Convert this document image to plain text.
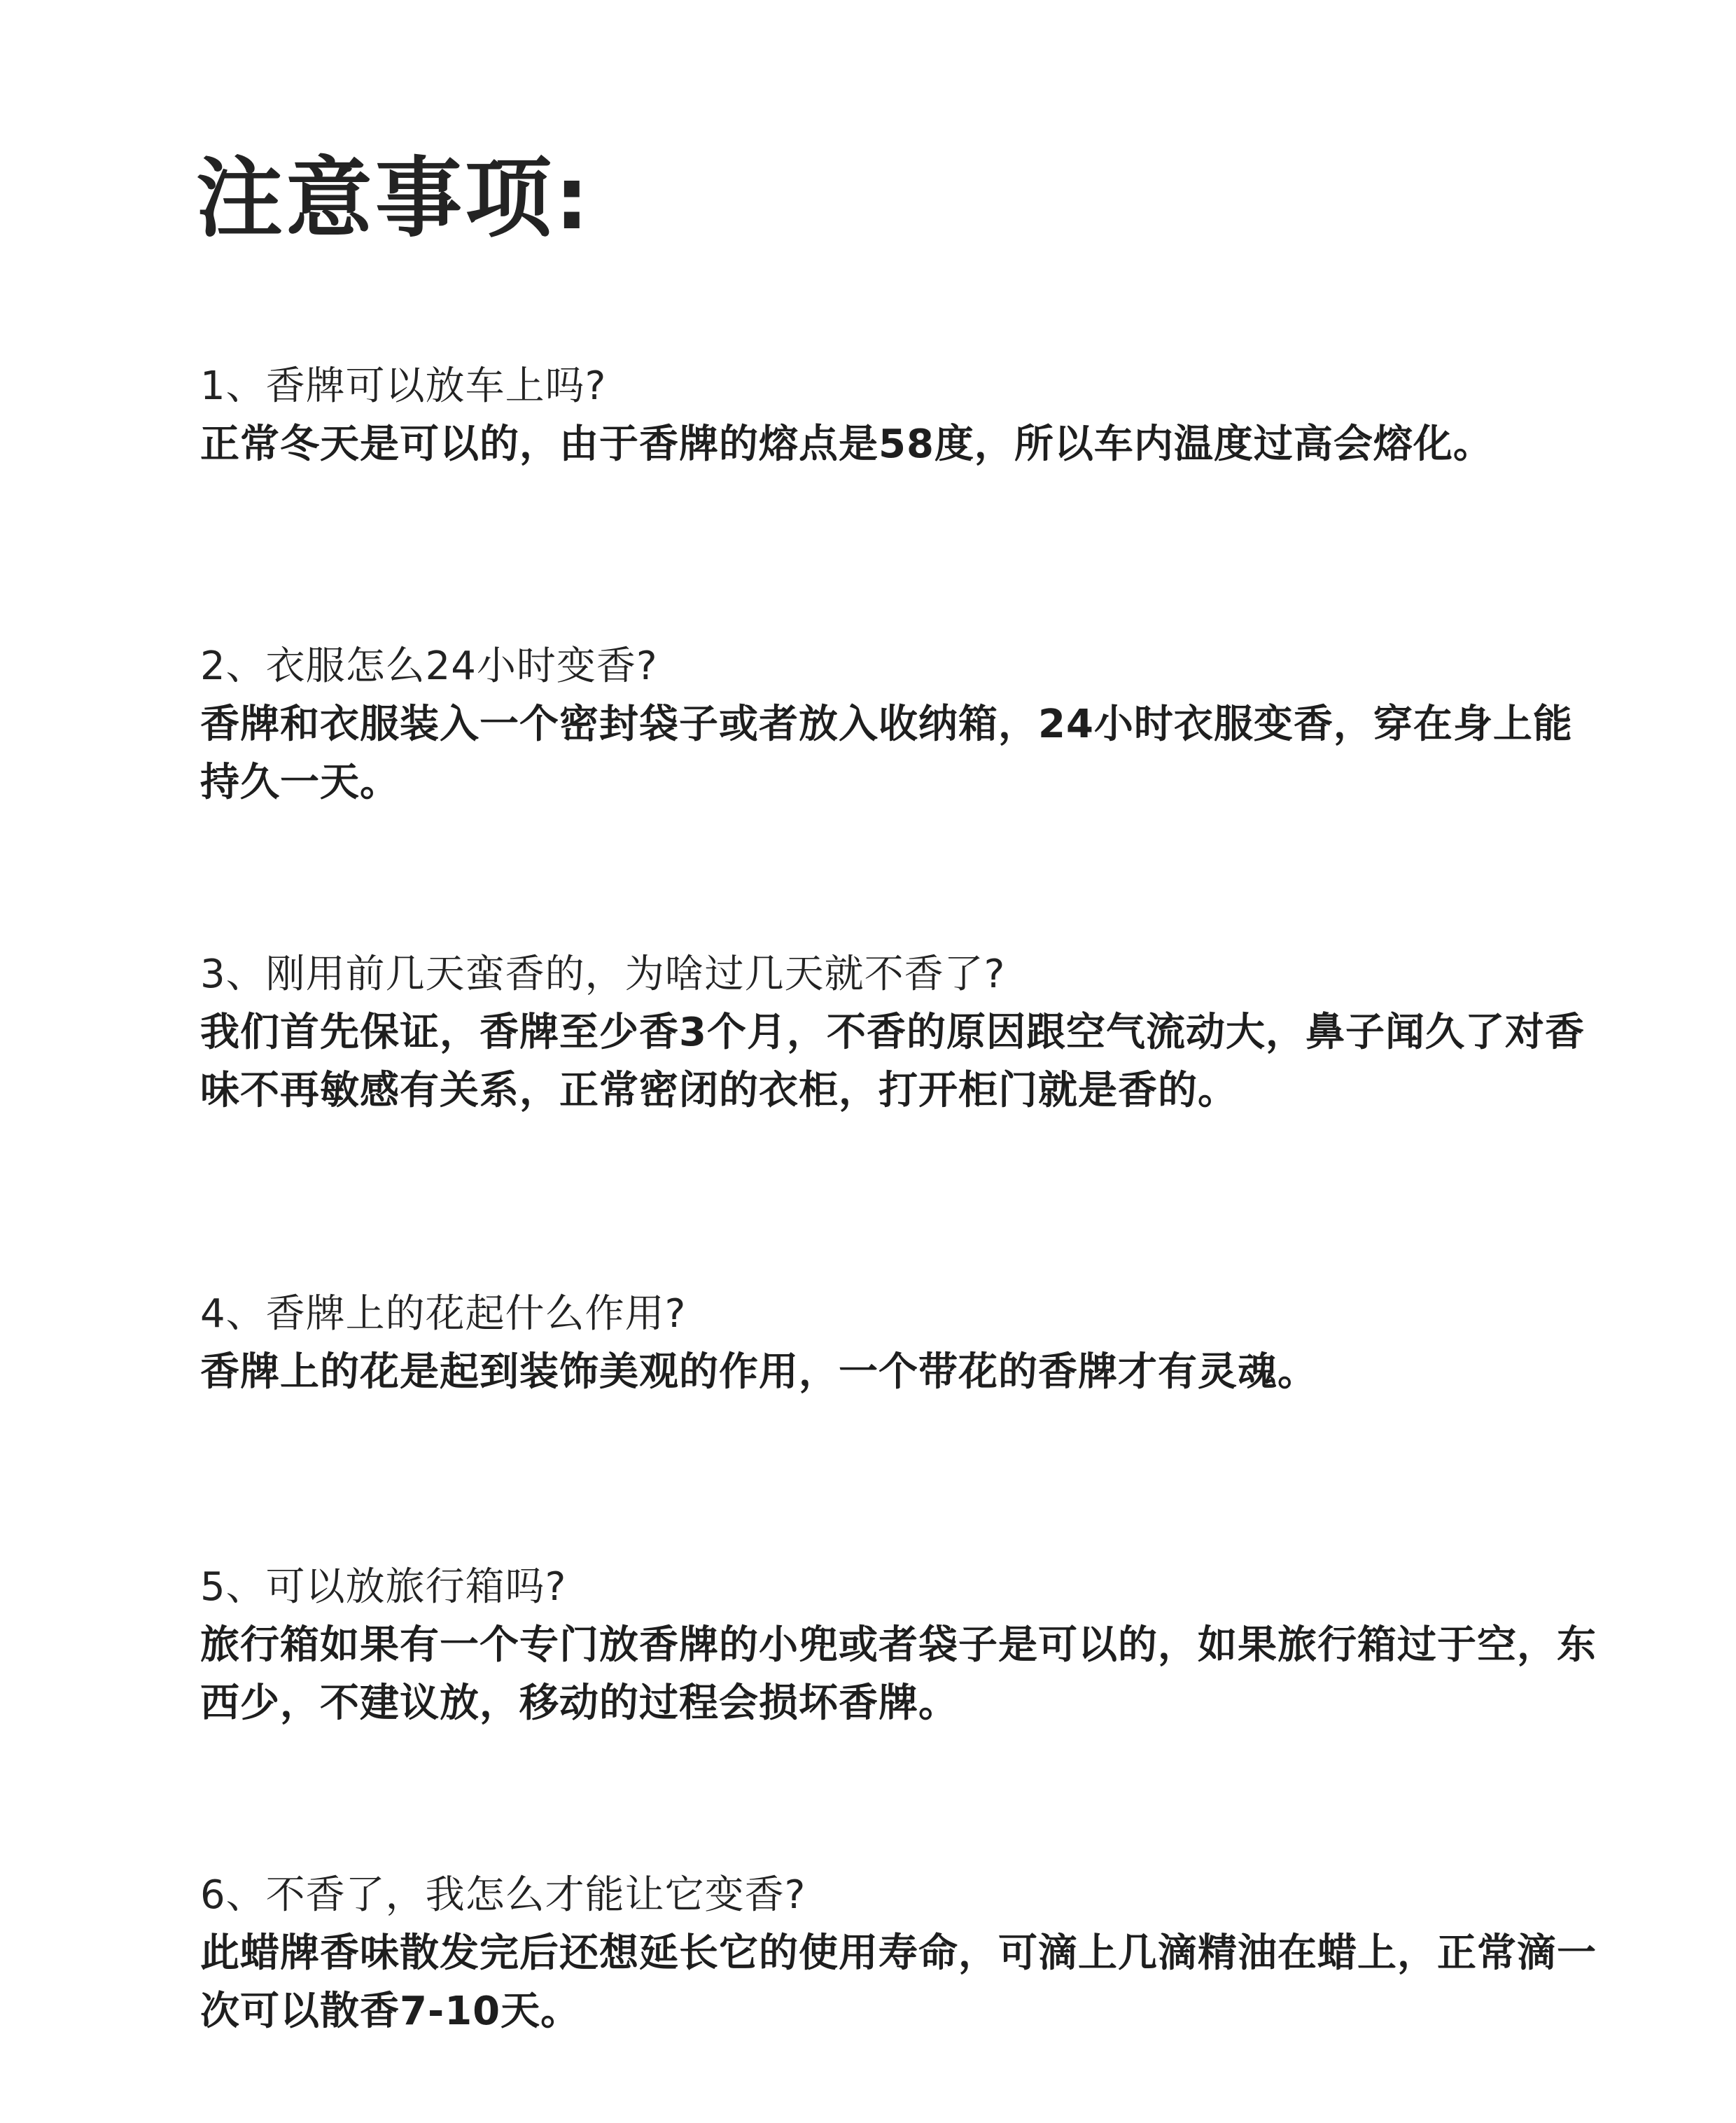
注意事项:

1、香牌可以放车上吗?

正常冬天是可以的，由于香牌的熔点是58度，所以车内温度过高会熔化。

2、衣服怎么24小时变香?

香牌和衣服装入一个密封袋子或者放入收纳箱，24小时衣服变香，穿在身上能持久一天。

3、刚用前几天蛮香的，为啥过几天就不香了?

我们首先保证，香牌至少香3个月，不香的原因跟空气流动大，鼻子闻久了对香味不再敏感有关系，正常密闭的衣柜，打开柜门就是香的。

4、香牌上的花起什么作用?

香牌上的花是起到装饰美观的作用，一个带花的香牌才有灵魂。

5、可以放旅行箱吗?

旅行箱如果有一个专门放香牌的小兜或者袋子是可以的，如果旅行箱过于空，东西少，不建议放，移动的过程会损坏香牌。

6、不香了，我怎么才能让它变香?

此蜡牌香味散发完后还想延长它的使用寿命，可滴上几滴精油在蜡上，正常滴一次可以散香7-10天。
